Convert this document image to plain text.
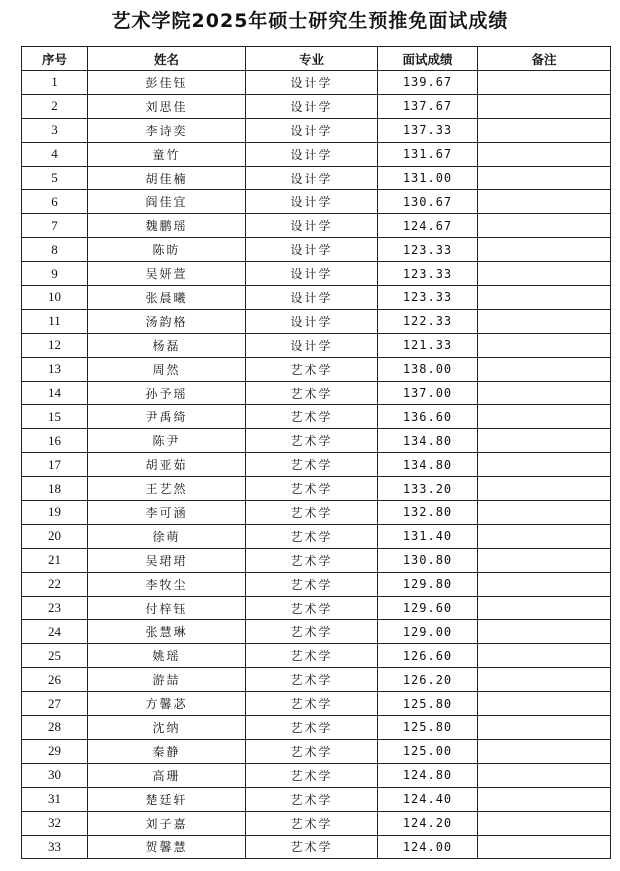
艺术学院2025年硕士研究生预推免面试成绩
序号	姓名	专业	面试成绩	备注
1	彭佳钰	设计学	139.67	
2	刘思佳	设计学	137.67	
3	李诗奕	设计学	137.33	
4	童竹	设计学	131.67	
5	胡佳楠	设计学	131.00	
6	阎佳宜	设计学	130.67	
7	魏鹏瑶	设计学	124.67	
8	陈昉	设计学	123.33	
9	吴妍萱	设计学	123.33	
10	张晨曦	设计学	123.33	
11	汤韵格	设计学	122.33	
12	杨磊	设计学	121.33	
13	周然	艺术学	138.00	
14	孙予瑶	艺术学	137.00	
15	尹禹绮	艺术学	136.60	
16	陈尹	艺术学	134.80	
17	胡亚茹	艺术学	134.80	
18	王艺然	艺术学	133.20	
19	李可涵	艺术学	132.80	
20	徐萌	艺术学	131.40	
21	吴珺珺	艺术学	130.80	
22	李牧尘	艺术学	129.80	
23	付梓钰	艺术学	129.60	
24	张慧琳	艺术学	129.00	
25	姚瑶	艺术学	126.60	
26	游喆	艺术学	126.20	
27	方馨苾	艺术学	125.80	
28	沈纳	艺术学	125.80	
29	秦静	艺术学	125.00	
30	高珊	艺术学	124.80	
31	楚廷轩	艺术学	124.40	
32	刘子嘉	艺术学	124.20	
33	贺馨慧	艺术学	124.00	
